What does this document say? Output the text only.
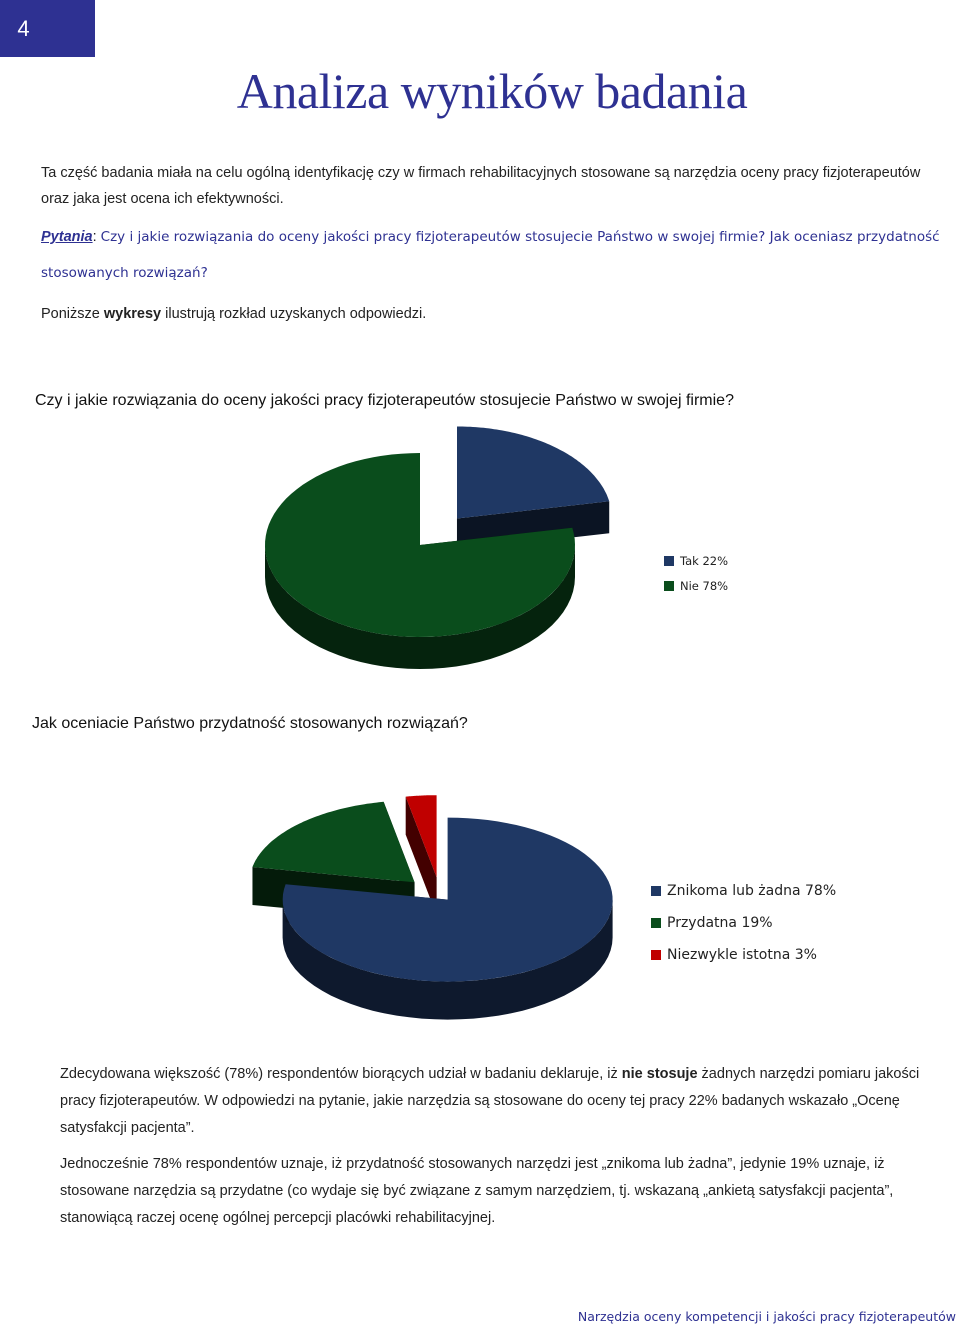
4
Analiza wyników badania

Ta część badania miała na celu ogólną identyfikację czy w firmach rehabilitacyjnych stosowane są narzędzia oceny pracy fizjoterapeutów oraz jaka jest ocena ich efektywności.

Pytania: Czy i jakie rozwiązania do oceny jakości pracy fizjoterapeutów stosujecie Państwo w swojej firmie? Jak oceniasz przydatność stosowanych rozwiązań?

Poniższe wykresy ilustrują rozkład uzyskanych odpowiedzi.

Czy i jakie rozwiązania do oceny jakości pracy fizjoterapeutów stosujecie Państwo w swojej firmie?
Tak 22%
Nie 78%
Jak oceniacie Państwo przydatność stosowanych rozwiązań?
Znikoma lub żadna 78%
Przydatna 19%
Niezwykle istotna 3%

Zdecydowana większość (78%) respondentów biorących udział w badaniu deklaruje, iż nie stosuje żadnych narzędzi pomiaru jakości pracy fizjoterapeutów. W odpowiedzi na pytanie, jakie narzędzia są stosowane do oceny tej pracy 22% badanych wskazało „Ocenę satysfakcji pacjenta”.

Jednocześnie 78% respondentów uznaje, iż przydatność stosowanych narzędzi jest „znikoma lub żadna”, jedynie 19% uznaje, iż stosowane narzędzia są przydatne (co wydaje się być związane z samym narzędziem, tj. wskazaną „ankietą satysfakcji pacjenta”, stanowiącą raczej ocenę ogólnej percepcji placówki rehabilitacyjnej.

Narzędzia oceny kompetencji i jakości pracy fizjoterapeutów
